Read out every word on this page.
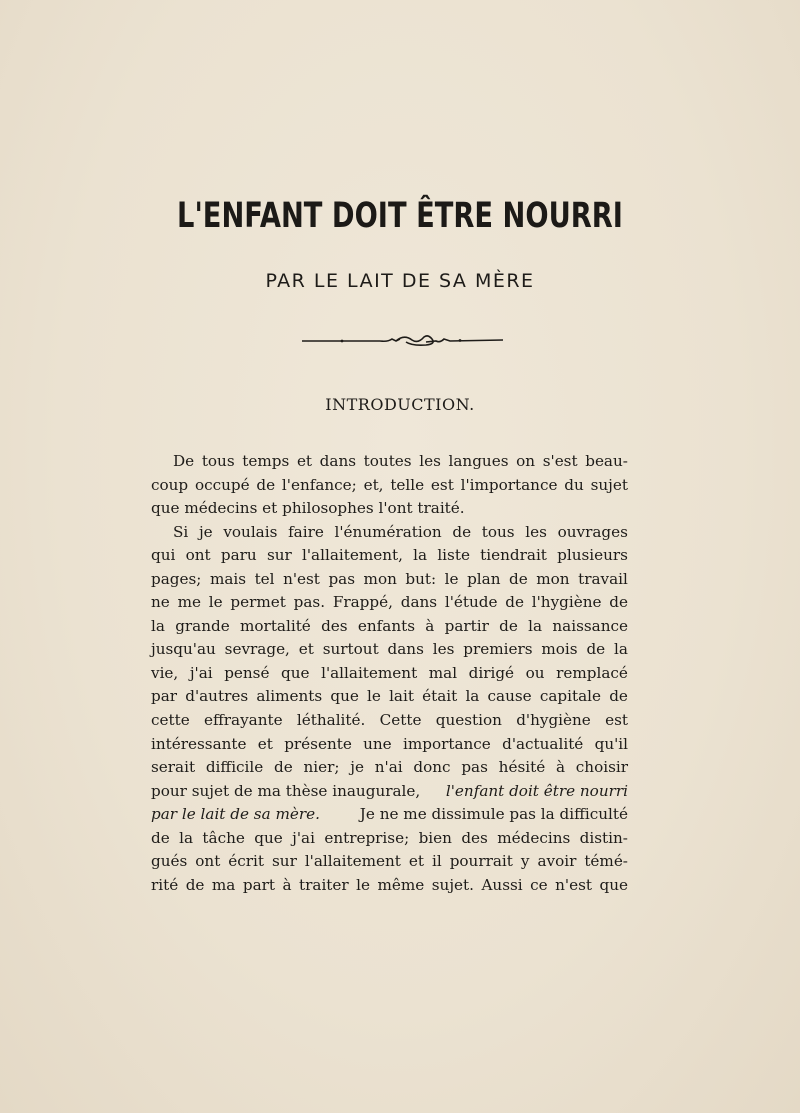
L'ENFANT DOIT ÊTRE NOURRI
PAR LE LAIT DE SA MÈRE
INTRODUCTION.
De tous temps et dans toutes les langues on s'est beau-
coup occupé de l'enfance; et, telle est l'importance du sujet
que médecins et philosophes l'ont traité.
Si je voulais faire l'énumération de tous les ouvrages
qui ont paru sur l'allaitement, la liste tiendrait plusieurs
pages; mais tel n'est pas mon but: le plan de mon travail
ne me le permet pas. Frappé, dans l'étude de l'hygiène de
la grande mortalité des enfants à partir de la naissance
jusqu'au sevrage, et surtout dans les premiers mois de la
vie, j'ai pensé que l'allaitement mal dirigé ou remplacé
par d'autres aliments que le lait était la cause capitale de
cette effrayante léthalité. Cette question d'hygiène est
intéressante et présente une importance d'actualité qu'il
serait difficile de nier; je n'ai donc pas hésité à choisir
pour sujet de ma thèse inaugurale, l'enfant doit être nourri
par le lait de sa mère.	Je ne me dissimule pas la difficulté
de la tâche que j'ai entreprise; bien des médecins distin-
gués ont écrit sur l'allaitement et il pourrait y avoir témé-
rité de ma part à traiter le même sujet. Aussi ce n'est que
